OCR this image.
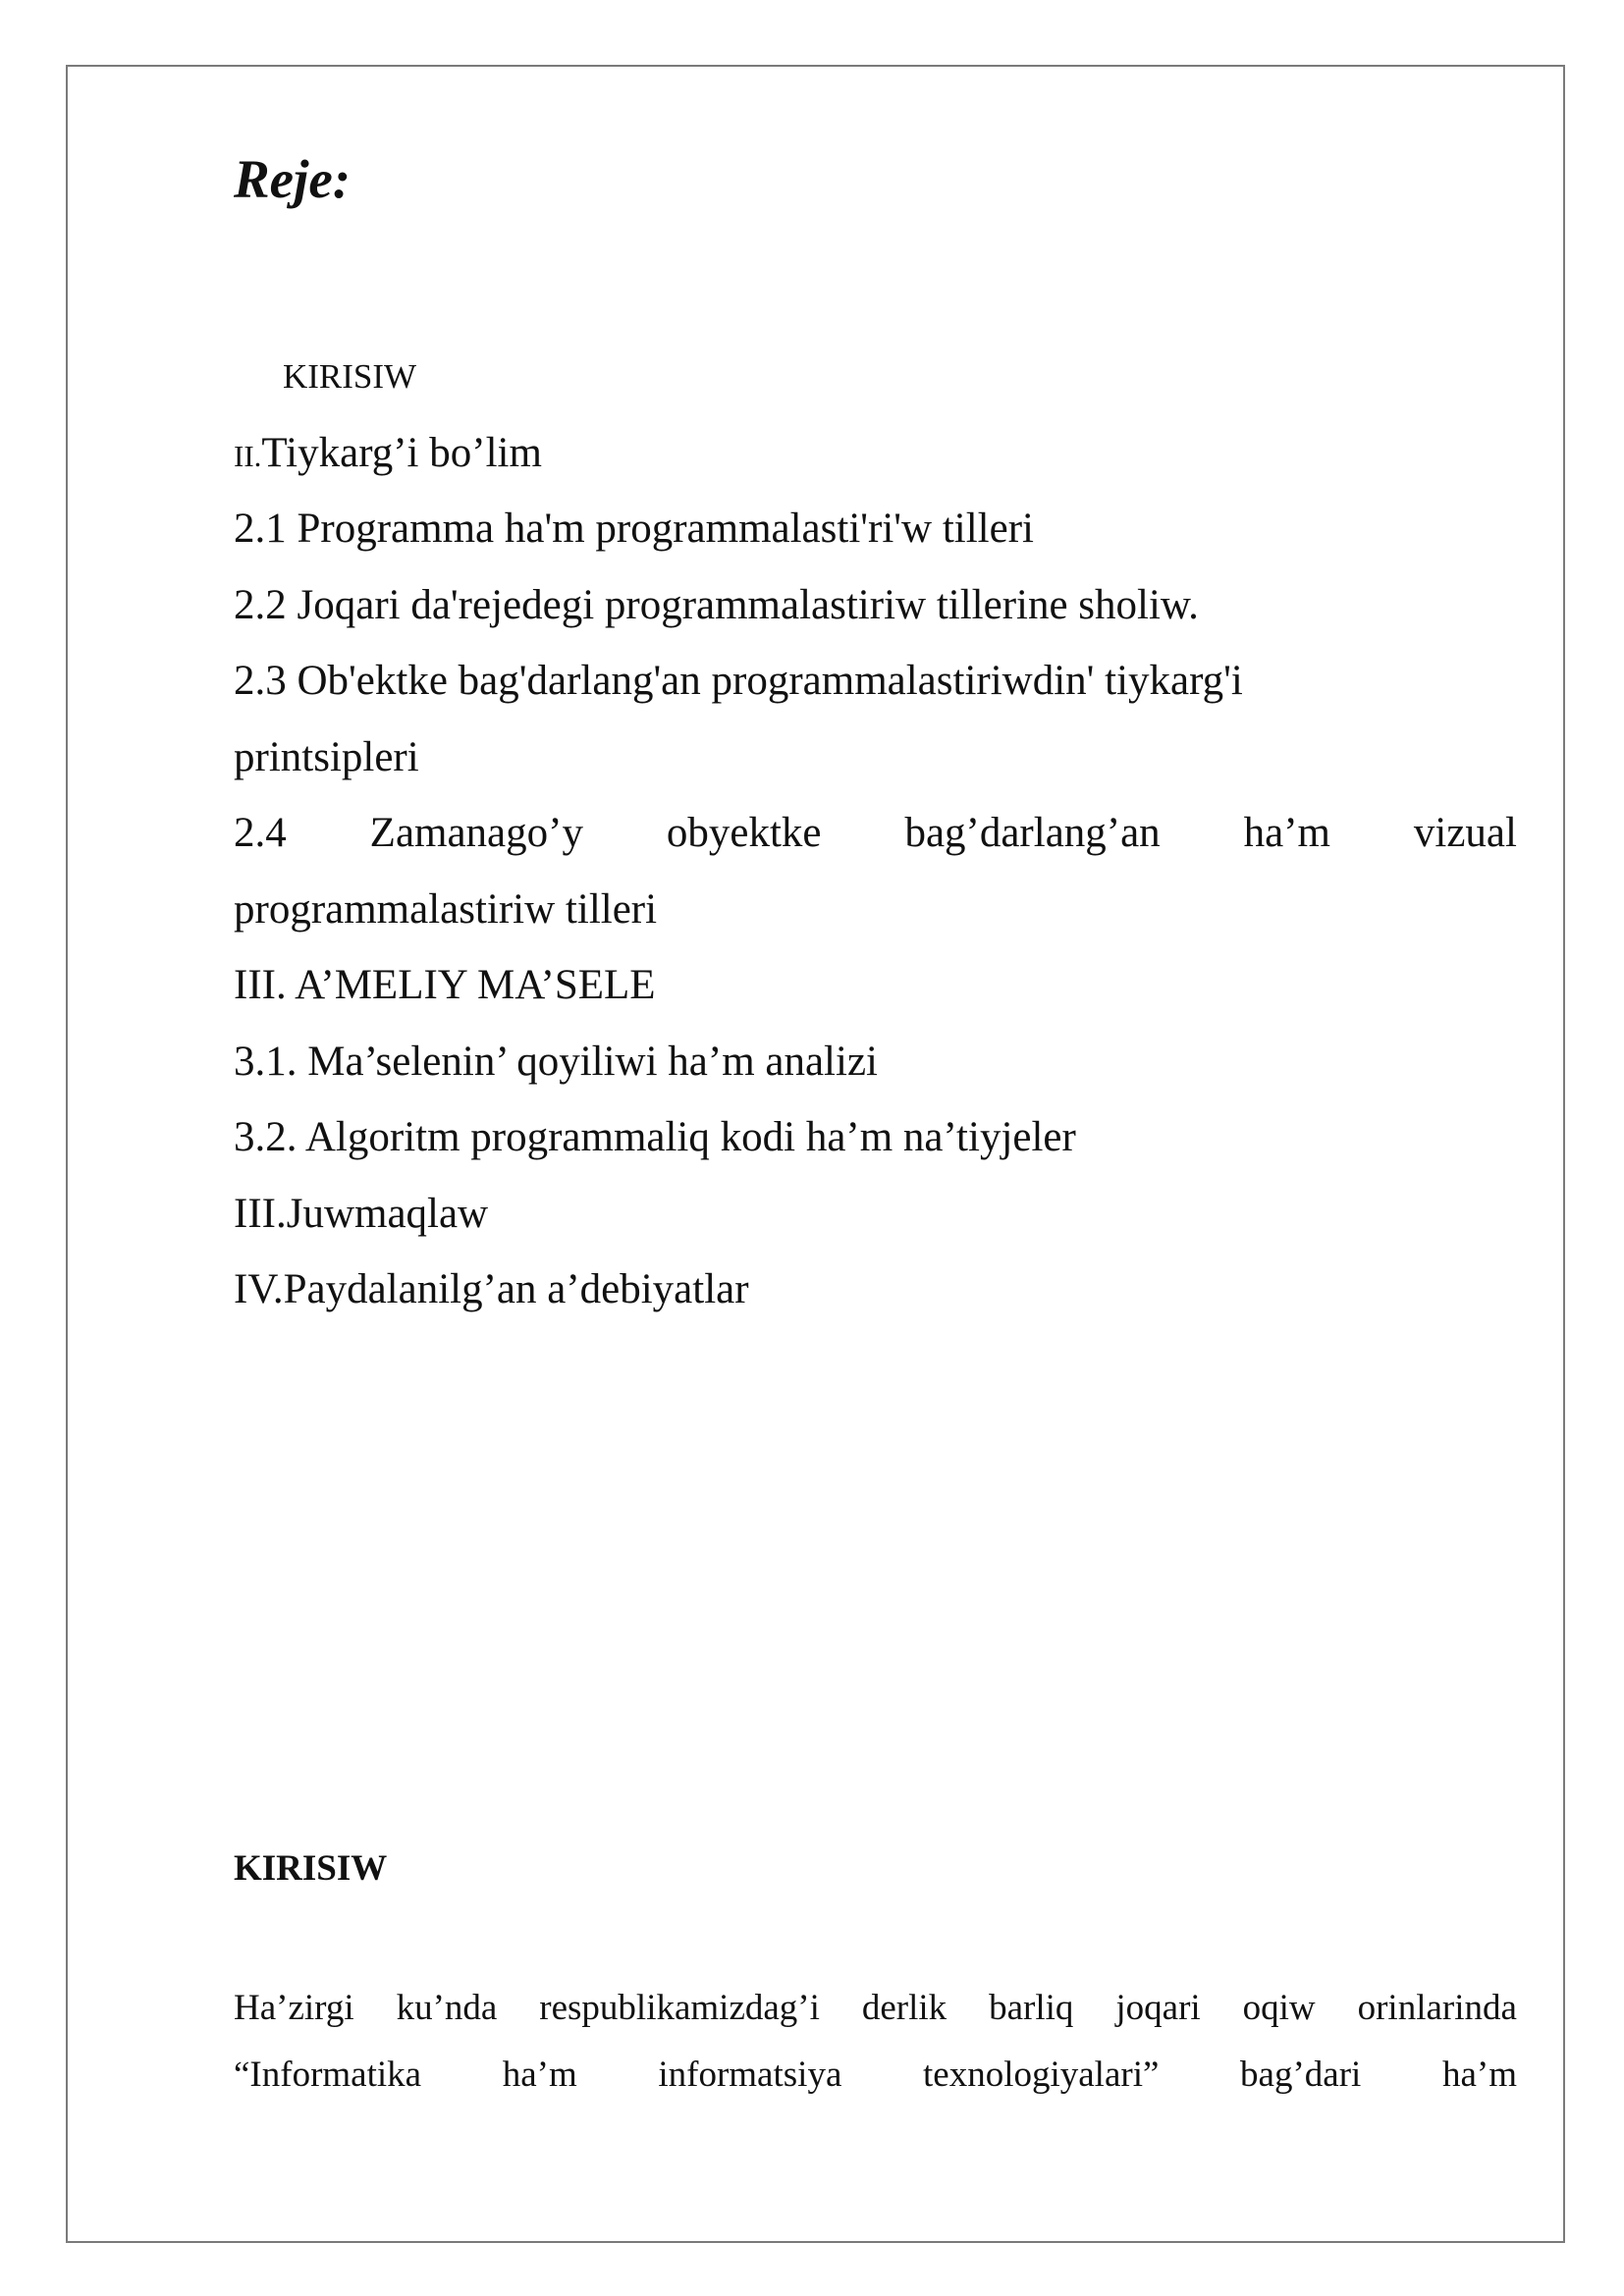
Reje:
KIRISIW
II.Tiykarg’i bo’lim
2.1 Programma ha'm programmalasti'ri'w tilleri
2.2 Joqari da'rejedegi programmalastiriw tillerine sholiw.
2.3 Ob'ektke bag'darlang'an programmalastiriwdin' tiykarg'i
printsipleri
2.4 Zamanago’y obyektke bag’darlang’an ha’m vizual
programmalastiriw tilleri
III. A’MELIY MA’SELE
3.1. Ma’selenin’ qoyiliwi ha’m analizi
3.2. Algoritm programmaliq kodi ha’m na’tiyjeler
III.Juwmaqlaw
IV.Paydalanilg’an a’debiyatlar
KIRISIW
Ha’zirgi ku’nda respublikamizdag’i derlik barliq joqari oqiw orinlarinda
“Informatika ha’m informatsiya texnologiyalari” bag’dari ha’m
